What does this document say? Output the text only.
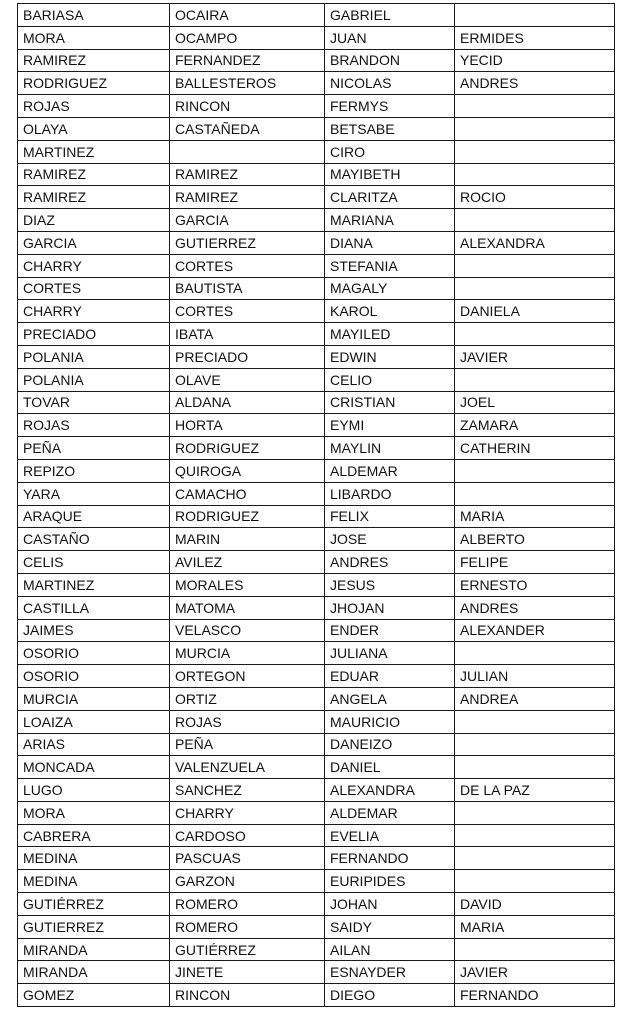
BARIASA	OCAIRA	GABRIEL	
MORA	OCAMPO	JUAN	ERMIDES
RAMIREZ	FERNANDEZ	BRANDON	YECID
RODRIGUEZ	BALLESTEROS	NICOLAS	ANDRES
ROJAS	RINCON	FERMYS	
OLAYA	CASTAÑEDA	BETSABE	
MARTINEZ		CIRO	
RAMIREZ	RAMIREZ	MAYIBETH	
RAMIREZ	RAMIREZ	CLARITZA	ROCIO
DIAZ	GARCIA	MARIANA	
GARCIA	GUTIERREZ	DIANA	ALEXANDRA
CHARRY	CORTES	STEFANIA	
CORTES	BAUTISTA	MAGALY	
CHARRY	CORTES	KAROL	DANIELA
PRECIADO	IBATA	MAYILED	
POLANIA	PRECIADO	EDWIN	JAVIER
POLANIA	OLAVE	CELIO	
TOVAR	ALDANA	CRISTIAN	JOEL
ROJAS	HORTA	EYMI	ZAMARA
PEÑA	RODRIGUEZ	MAYLIN	CATHERIN
REPIZO	QUIROGA	ALDEMAR	
YARA	CAMACHO	LIBARDO	
ARAQUE	RODRIGUEZ	FELIX	MARIA
CASTAÑO	MARIN	JOSE	ALBERTO
CELIS	AVILEZ	ANDRES	FELIPE
MARTINEZ	MORALES	JESUS	ERNESTO
CASTILLA	MATOMA	JHOJAN	ANDRES
JAIMES	VELASCO	ENDER	ALEXANDER
OSORIO	MURCIA	JULIANA	
OSORIO	ORTEGON	EDUAR	JULIAN
MURCIA	ORTIZ	ANGELA	ANDREA
LOAIZA	ROJAS	MAURICIO	
ARIAS	PEÑA	DANEIZO	
MONCADA	VALENZUELA	DANIEL	
LUGO	SANCHEZ	ALEXANDRA	DE LA PAZ
MORA	CHARRY	ALDEMAR	
CABRERA	CARDOSO	EVELIA	
MEDINA	PASCUAS	FERNANDO	
MEDINA	GARZON	EURIPIDES	
GUTIÉRREZ	ROMERO	JOHAN	DAVID
GUTIERREZ	ROMERO	SAIDY	MARIA
MIRANDA	GUTIÉRREZ	AILAN	
MIRANDA	JINETE	ESNAYDER	JAVIER
GOMEZ	RINCON	DIEGO	FERNANDO
